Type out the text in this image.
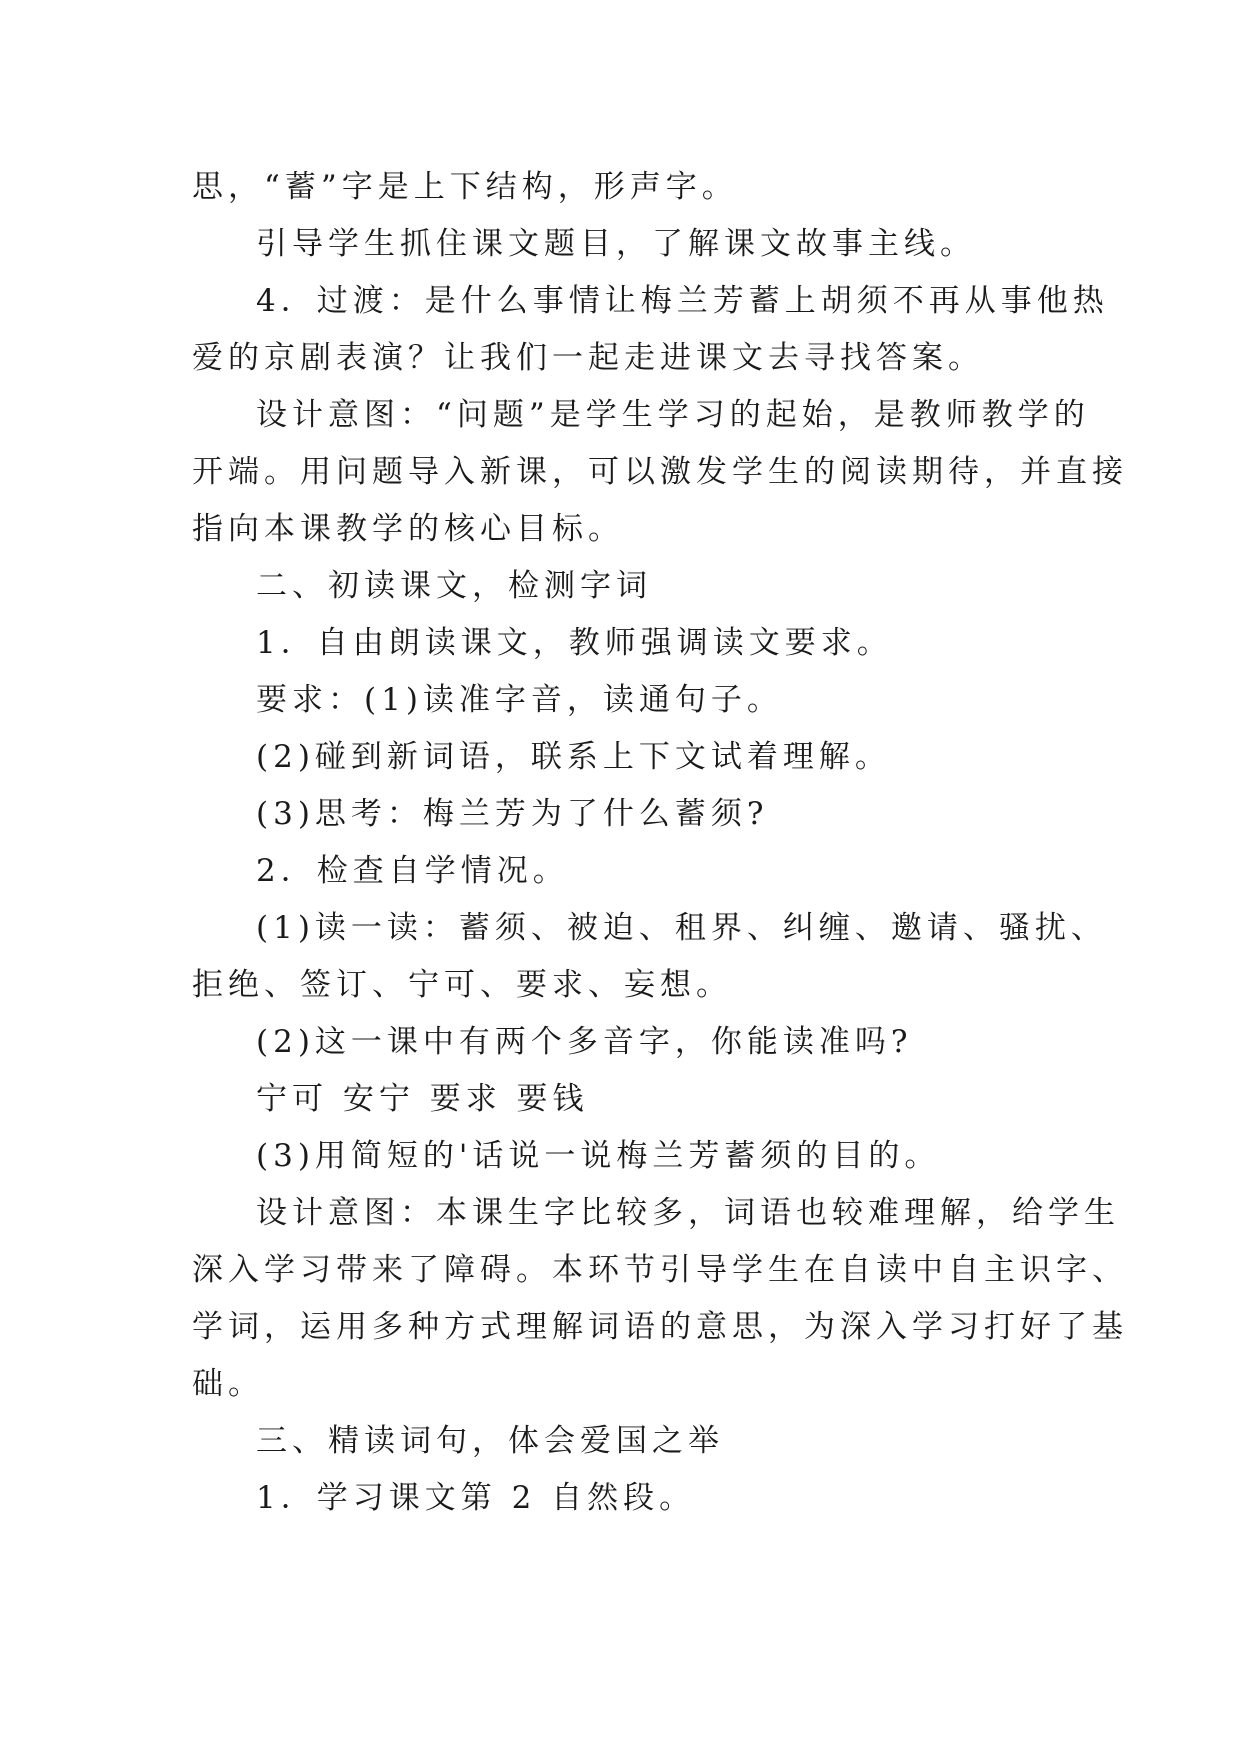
思，“蓄”字是上下结构，形声字。
引导学生抓住课文题目，了解课文故事主线。
4．过渡：是什么事情让梅兰芳蓄上胡须不再从事他热
爱的京剧表演？让我们一起走进课文去寻找答案。
设计意图：“问题”是学生学习的起始，是教师教学的
开端。用问题导入新课，可以激发学生的阅读期待，并直接
指向本课教学的核心目标。
二、初读课文，检测字词
1．自由朗读课文，教师强调读文要求。
要求：(1)读准字音，读通句子。
(2)碰到新词语，联系上下文试着理解。
(3)思考：梅兰芳为了什么蓄须?
2．检查自学情况。
(1)读一读：蓄须、被迫、租界、纠缠、邀请、骚扰、
拒绝、签订、宁可、要求、妄想。
(2)这一课中有两个多音字，你能读准吗?
宁可 安宁 要求 要钱
(3)用简短的'话说一说梅兰芳蓄须的目的。
设计意图：本课生字比较多，词语也较难理解，给学生
深入学习带来了障碍。本环节引导学生在自读中自主识字、
学词，运用多种方式理解词语的意思，为深入学习打好了基
础。
三、精读词句，体会爱国之举
1．学习课文第 2 自然段。
